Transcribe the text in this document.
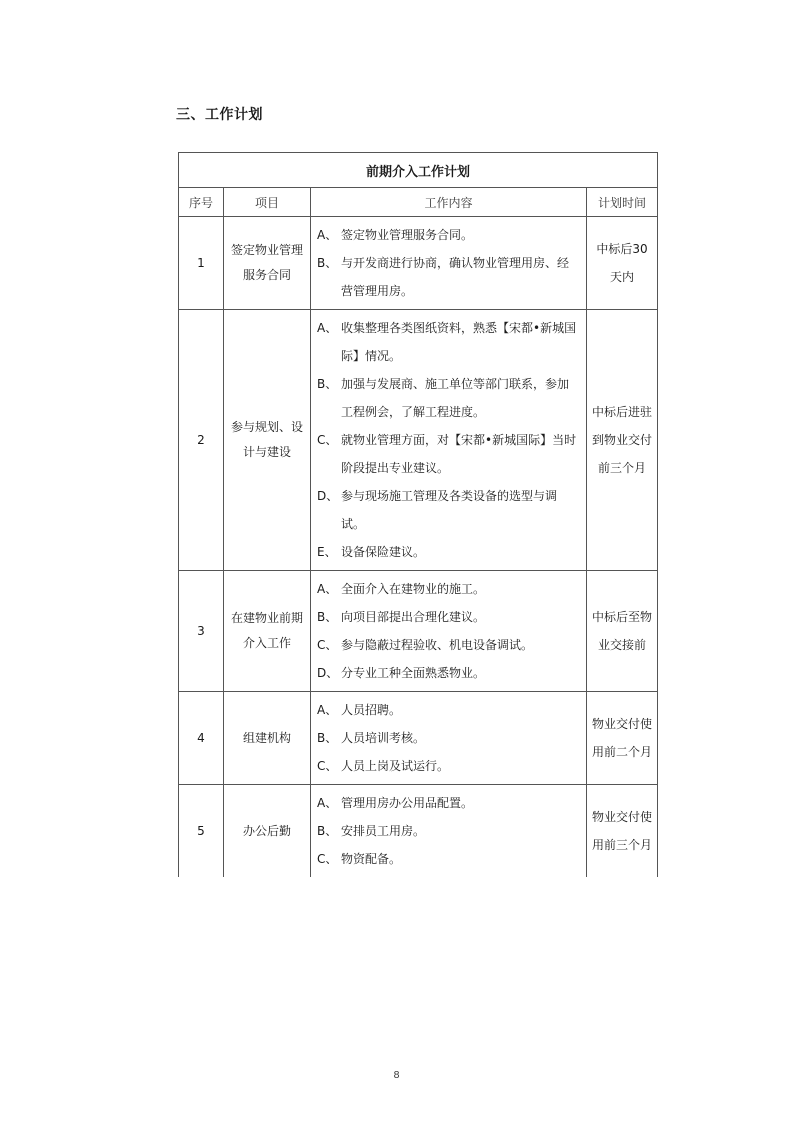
三、工作计划
前期介入工作计划			
序号	项目	工作内容	计划时间
1	签定物业管理服务合同	A、 签定物业管理服务合同。
B、 与开发商进行协商，确认物业管理用房、经营管理用房。	中标后30天内
2	参与规划、设计与建设	A、 收集整理各类图纸资料，熟悉【宋都•新城国际】情况。
B、 加强与发展商、施工单位等部门联系，参加工程例会，了解工程进度。
C、 就物业管理方面，对【宋都•新城国际】当时阶段提出专业建议。
D、 参与现场施工管理及各类设备的选型与调试。
E、 设备保险建议。	中标后进驻到物业交付前三个月
3	在建物业前期介入工作	A、 全面介入在建物业的施工。
B、 向项目部提出合理化建议。
C、 参与隐蔽过程验收、机电设备调试。
D、 分专业工种全面熟悉物业。	中标后至物业交接前
4	组建机构	A、 人员招聘。
B、 人员培训考核。
C、 人员上岗及试运行。	物业交付使用前二个月
5	办公后勤	A、 管理用房办公用品配置。
B、 安排员工用房。
C、 物资配备。	物业交付使用前三个月
8
